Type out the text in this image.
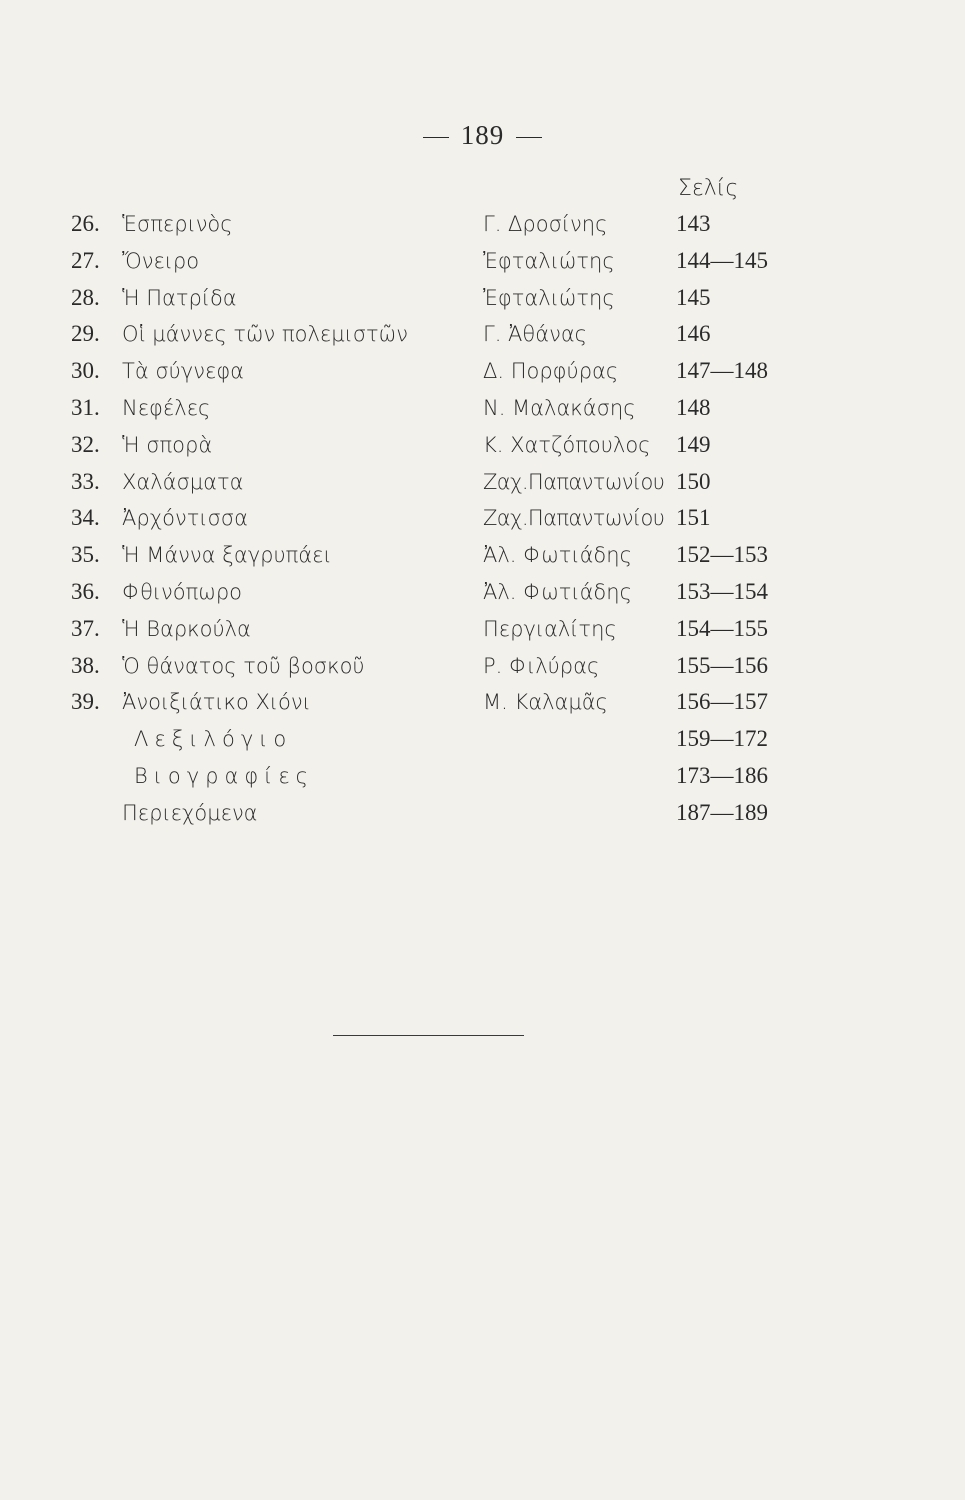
189
Σελίς
26. Ἑσπερινὸς	Γ. Δροσίνης	143
27. Ὄνειρο	Ἐφταλιώτης	144—145
28. Ἡ Πατρίδα	Ἐφταλιώτης	145
29. Οἱ μάννες τῶν πολεμιστῶν	Γ. Ἀθάνας	146
30. Τὰ σύγνεφα	Δ. Πορφύρας	147—148
31. Νεφέλες	Ν. Μαλακάσης 148
32. Ἡ σπορὰ	Κ. Χατζόπουλος 149
33. Χαλάσματα	Ζαχ.Παπαντωνίου 150
34. Ἀρχόντισσα	Ζαχ.Παπαντωνίου 151
35. Ἡ Μάννα ξαγρυπάει	Ἀλ. Φωτιάδης 152—153
36. Φθινόπωρο	Ἀλ. Φωτιάδης 153—154
37. Ἡ Βαρκούλα	Περγιαλίτης	154—155
38. Ὁ θάνατος τοῦ βοσκοῦ	Ρ. Φιλύρας	155—156
39. Ἀνοιξιάτικο Χιόνι	Μ. Καλαμᾶς	156—157
Λεξιλόγιο	159—172
Βιογραφίες	173—186
Περιεχόμενα	187—189
